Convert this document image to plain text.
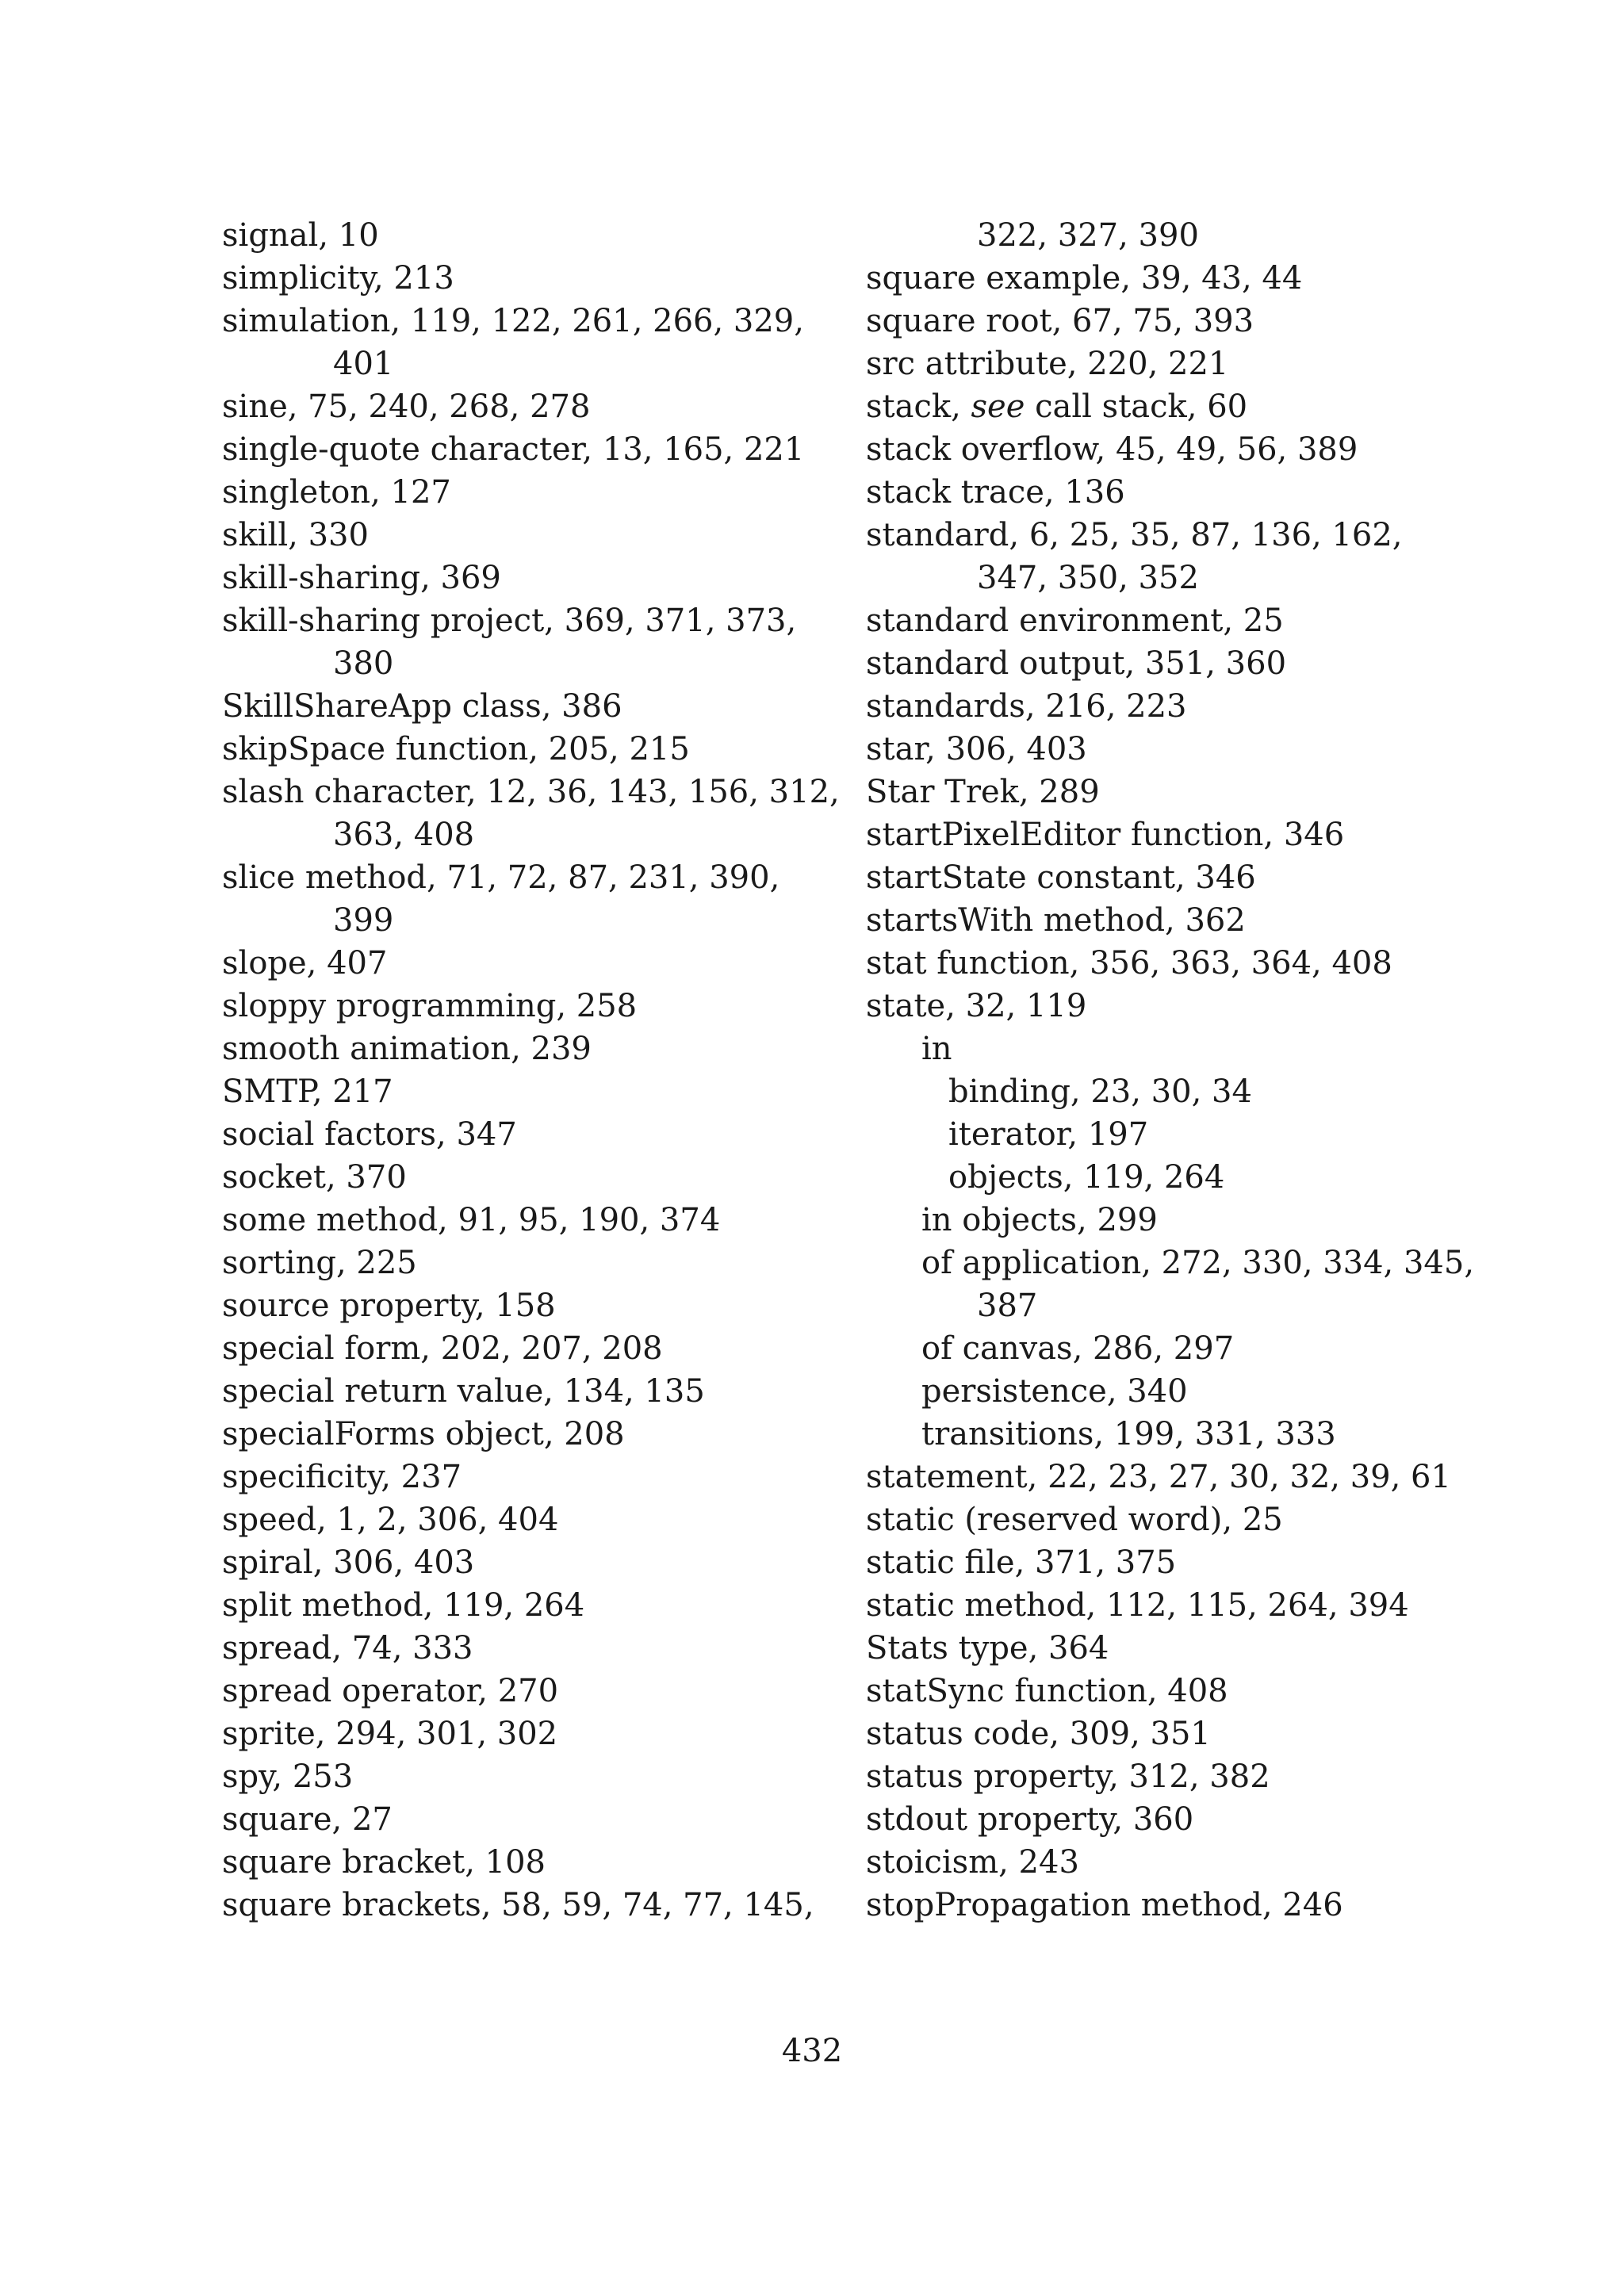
signal, 10
simplicity, 213
simulation, 119, 122, 261, 266, 329,
401
sine, 75, 240, 268, 278
single-quote character, 13, 165, 221
singleton, 127
skill, 330
skill-sharing, 369
skill-sharing project, 369, 371, 373,
380
SkillShareApp class, 386
skipSpace function, 205, 215
slash character, 12, 36, 143, 156, 312,
363, 408
slice method, 71, 72, 87, 231, 390,
399
slope, 407
sloppy programming, 258
smooth animation, 239
SMTP, 217
social factors, 347
socket, 370
some method, 91, 95, 190, 374
sorting, 225
source property, 158
special form, 202, 207, 208
special return value, 134, 135
specialForms object, 208
specificity, 237
speed, 1, 2, 306, 404
spiral, 306, 403
split method, 119, 264
spread, 74, 333
spread operator, 270
sprite, 294, 301, 302
spy, 253
square, 27
square bracket, 108
square brackets, 58, 59, 74, 77, 145,
322, 327, 390
square example, 39, 43, 44
square root, 67, 75, 393
src attribute, 220, 221
stack, see call stack, 60
stack overflow, 45, 49, 56, 389
stack trace, 136
standard, 6, 25, 35, 87, 136, 162,
347, 350, 352
standard environment, 25
standard output, 351, 360
standards, 216, 223
star, 306, 403
Star Trek, 289
startPixelEditor function, 346
startState constant, 346
startsWith method, 362
stat function, 356, 363, 364, 408
state, 32, 119
in
binding, 23, 30, 34
iterator, 197
objects, 119, 264
in objects, 299
of application, 272, 330, 334, 345,
387
of canvas, 286, 297
persistence, 340
transitions, 199, 331, 333
statement, 22, 23, 27, 30, 32, 39, 61
static (reserved word), 25
static file, 371, 375
static method, 112, 115, 264, 394
Stats type, 364
statSync function, 408
status code, 309, 351
status property, 312, 382
stdout property, 360
stoicism, 243
stopPropagation method, 246
432
